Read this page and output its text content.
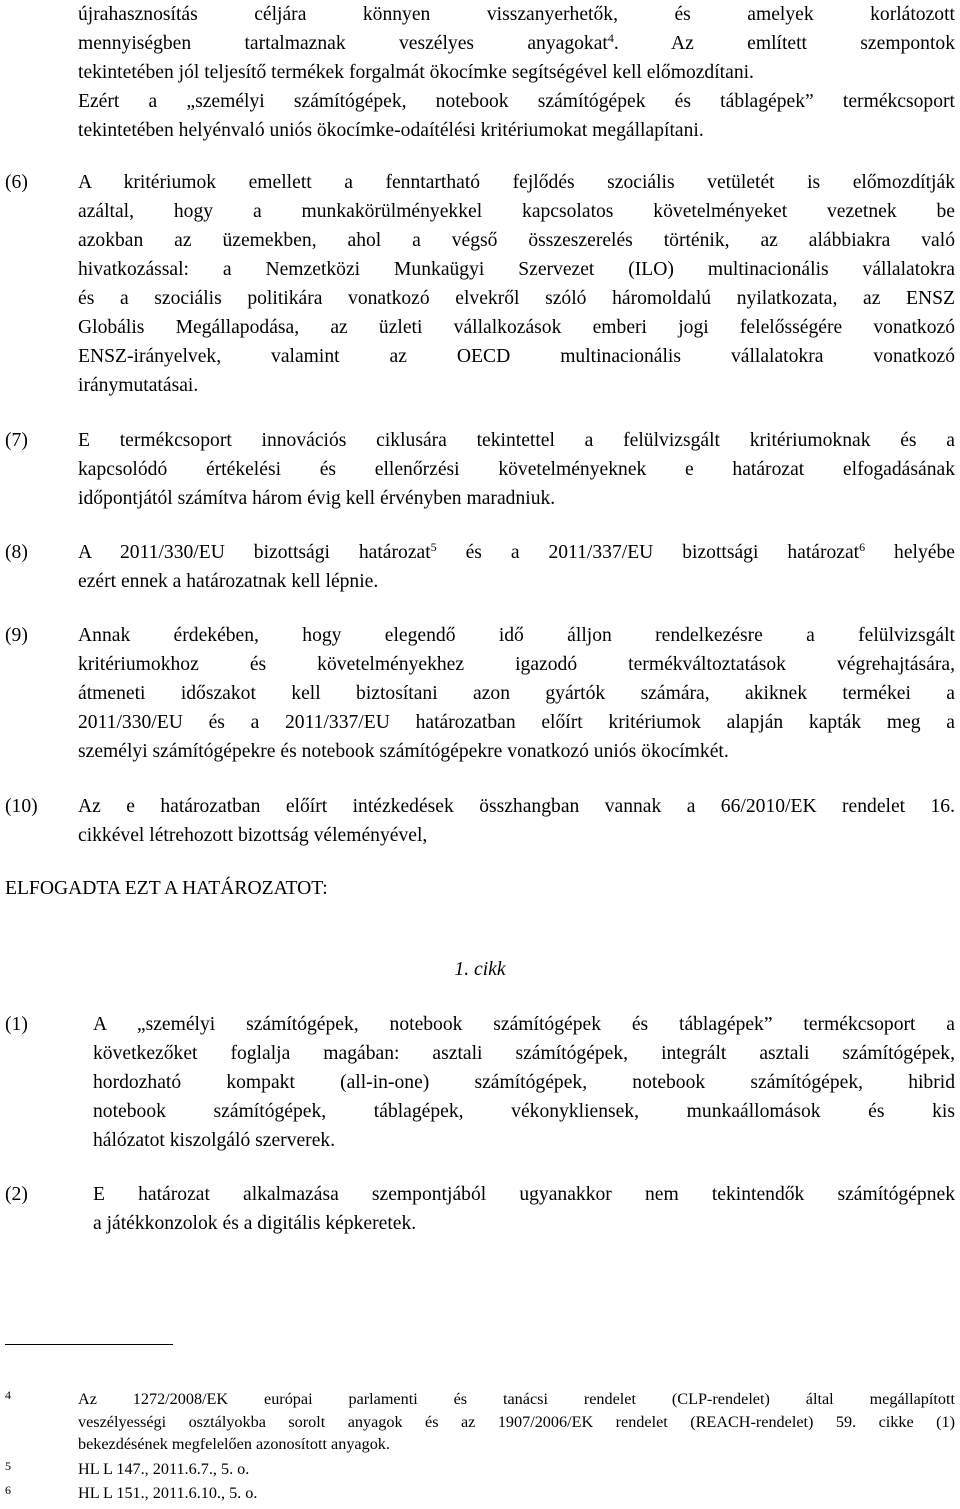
újrahasznosítás céljára könnyen visszanyerhetők, és amelyek korlátozott
mennyiségben tartalmaznak veszélyes anyagokat$^4$. Az említett szempontok
tekintetében jól teljesítő termékek forgalmát ökocímke segítségével kell előmozdítani.
Ezért a „személyi számítógépek, notebook számítógépek és táblagépek” termékcsoport
tekintetében helyénvaló uniós ökocímke-odaítélési kritériumokat megállapítani.
(6)	A kritériumok emellett a fenntartható fejlődés szociális vetületét is előmozdítják
azáltal, hogy a munkakörülményekkel kapcsolatos követelményeket vezetnek be
azokban az üzemekben, ahol a végső összeszerelés történik, az alábbiakra való
hivatkozással: a Nemzetközi Munkaügyi Szervezet (ILO) multinacionális vállalatokra
és a szociális politikára vonatkozó elvekről szóló háromoldalú nyilatkozata, az ENSZ
Globális Megállapodása, az üzleti vállalkozások emberi jogi felelősségére vonatkozó
ENSZ-irányelvek, valamint az OECD multinacionális vállalatokra vonatkozó
iránymutatásai.
(7)	E termékcsoport innovációs ciklusára tekintettel a felülvizsgált kritériumoknak és a
kapcsolódó értékelési és ellenőrzési követelményeknek e határozat elfogadásának
időpontjától számítva három évig kell érvényben maradniuk.
(8)	A 2011/330/EU bizottsági határozat$^5$ és a 2011/337/EU bizottsági határozat$^6$ helyébe
ezért ennek a határozatnak kell lépnie.
(9)	Annak érdekében, hogy elegendő idő álljon rendelkezésre a felülvizsgált
kritériumokhoz és követelményekhez igazodó termékváltoztatások végrehajtására,
átmeneti időszakot kell biztosítani azon gyártók számára, akiknek termékei a
2011/330/EU és a 2011/337/EU határozatban előírt kritériumok alapján kapták meg a
személyi számítógépekre és notebook számítógépekre vonatkozó uniós ökocímkét.
(10) Az e határozatban előírt intézkedések összhangban vannak a 66/2010/EK rendelet 16.
cikkével létrehozott bizottság véleményével,
ELFOGADTA EZT A HATÁROZATOT:
1. cikk
(1)	A „személyi számítógépek, notebook számítógépek és táblagépek” termékcsoport a
következőket foglalja magában: asztali számítógépek, integrált asztali számítógépek,
hordozható kompakt (all-in-one) számítógépek, notebook számítógépek, hibrid
notebook számítógépek, táblagépek, vékonykliensek, munkaállomások és kis
hálózatot kiszolgáló szerverek.
(2)	E határozat alkalmazása szempontjából ugyanakkor nem tekintendők számítógépnek
a játékkonzolok és a digitális képkeretek.
4	Az 1272/2008/EK európai parlamenti és tanácsi rendelet (CLP-rendelet) által megállapított
veszélyességi osztályokba sorolt anyagok és az 1907/2006/EK rendelet (REACH-rendelet) 59. cikke (1)
bekezdésének megfelelően azonosított anyagok.
5	HL L 147., 2011.6.7., 5. o.
6	HL L 151., 2011.6.10., 5. o.
